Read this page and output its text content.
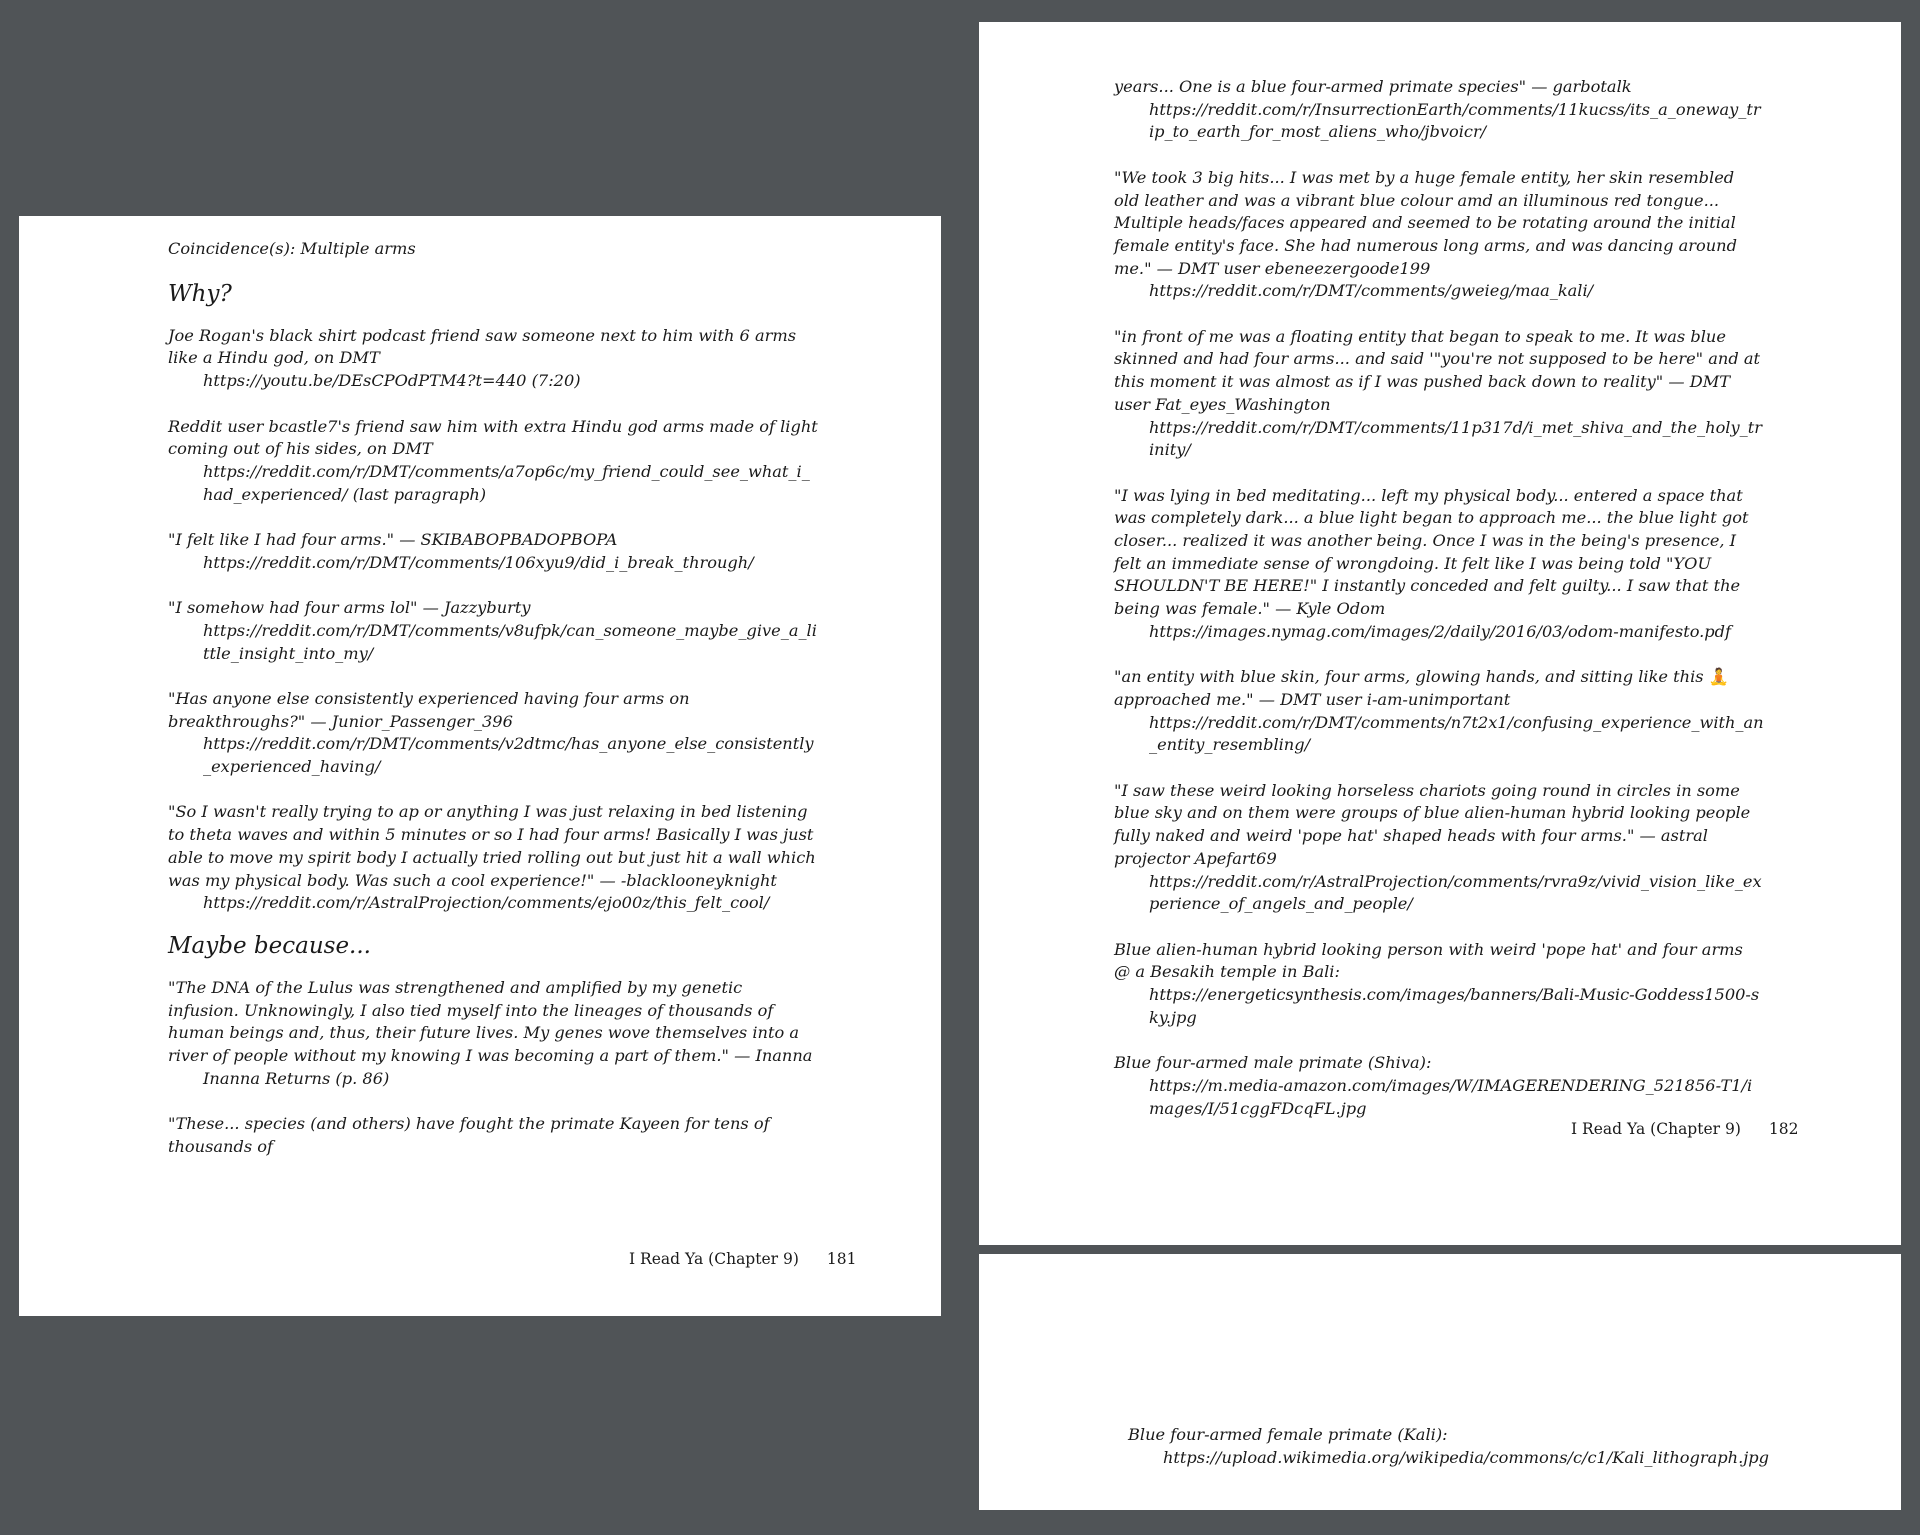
Coincidence(s): Multiple arms

Why?

Joe Rogan's black shirt podcast friend saw someone next to him with 6 arms like a Hindu god, on DMT

https://youtu.be/DEsCPOdPTM4?t=440 (7:20)

Reddit user bcastle7's friend saw him with extra Hindu god arms made of light coming out of his sides, on DMT

https://reddit.com/r/DMT/comments/a7op6c/my_friend_could_see_what_i_had_experienced/ (last paragraph)

"I felt like I had four arms." — SKIBABOPBADOPBOPA

https://reddit.com/r/DMT/comments/106xyu9/did_i_break_through/

"I somehow had four arms lol" — Jazzyburty

https://reddit.com/r/DMT/comments/v8ufpk/can_someone_maybe_give_a_little_insight_into_my/

"Has anyone else consistently experienced having four arms on breakthroughs?" — Junior_Passenger_396

https://reddit.com/r/DMT/comments/v2dtmc/has_anyone_else_consistently_experienced_having/

"So I wasn't really trying to ap or anything I was just relaxing in bed listening to theta waves and within 5 minutes or so I had four arms! Basically I was just able to move my spirit body I actually tried rolling out but just hit a wall which was my physical body. Was such a cool experience!" — -blacklooneyknight

https://reddit.com/r/AstralProjection/comments/ejo00z/this_felt_cool/

Maybe because...

"The DNA of the Lulus was strengthened and amplified by my genetic infusion. Unknowingly, I also tied myself into the lineages of thousands of human beings and, thus, their future lives. My genes wove themselves into a river of people without my knowing I was becoming a part of them." — Inanna

Inanna Returns (p. 86)

"These... species (and others) have fought the primate Kayeen for tens of thousands of

I Read Ya (Chapter 9) 181

years... One is a blue four-armed primate species" — garbotalk

https://reddit.com/r/InsurrectionEarth/comments/11kucss/its_a_oneway_trip_to_earth_for_most_aliens_who/jbvoicr/

"We took 3 big hits... I was met by a huge female entity, her skin resembled old leather and was a vibrant blue colour amd an illuminous red tongue... Multiple heads/faces appeared and seemed to be rotating around the initial female entity's face. She had numerous long arms, and was dancing around me." — DMT user ebeneezergoode199

https://reddit.com/r/DMT/comments/gweieg/maa_kali/

"in front of me was a floating entity that began to speak to me. It was blue skinned and had four arms... and said '"you're not supposed to be here" and at this moment it was almost as if I was pushed back down to reality" — DMT user Fat_eyes_Washington

https://reddit.com/r/DMT/comments/11p317d/i_met_shiva_and_the_holy_trinity/

"I was lying in bed meditating... left my physical body... entered a space that was completely dark... a blue light began to approach me... the blue light got closer... realized it was another being. Once I was in the being's presence, I felt an immediate sense of wrongdoing. It felt like I was being told "YOU SHOULDN'T BE HERE!" I instantly conceded and felt guilty... I saw that the being was female." — Kyle Odom

https://images.nymag.com/images/2/daily/2016/03/odom-manifesto.pdf

"an entity with blue skin, four arms, glowing hands, and sitting like this 🧘 approached me." — DMT user i-am-unimportant

https://reddit.com/r/DMT/comments/n7t2x1/confusing_experience_with_an_entity_resembling/

"I saw these weird looking horseless chariots going round in circles in some blue sky and on them were groups of blue alien-human hybrid looking people fully naked and weird 'pope hat' shaped heads with four arms." — astral projector Apefart69

https://reddit.com/r/AstralProjection/comments/rvra9z/vivid_vision_like_experience_of_angels_and_people/

Blue alien-human hybrid looking person with weird 'pope hat' and four arms @ a Besakih temple in Bali:

https://energeticsynthesis.com/images/banners/Bali-Music-Goddess1500-sky.jpg

Blue four-armed male primate (Shiva):

https://m.media-amazon.com/images/W/IMAGERENDERING_521856-T1/images/I/51cggFDcqFL.jpg

I Read Ya (Chapter 9) 182

Blue four-armed female primate (Kali):

https://upload.wikimedia.org/wikipedia/commons/c/c1/Kali_lithograph.jpg
